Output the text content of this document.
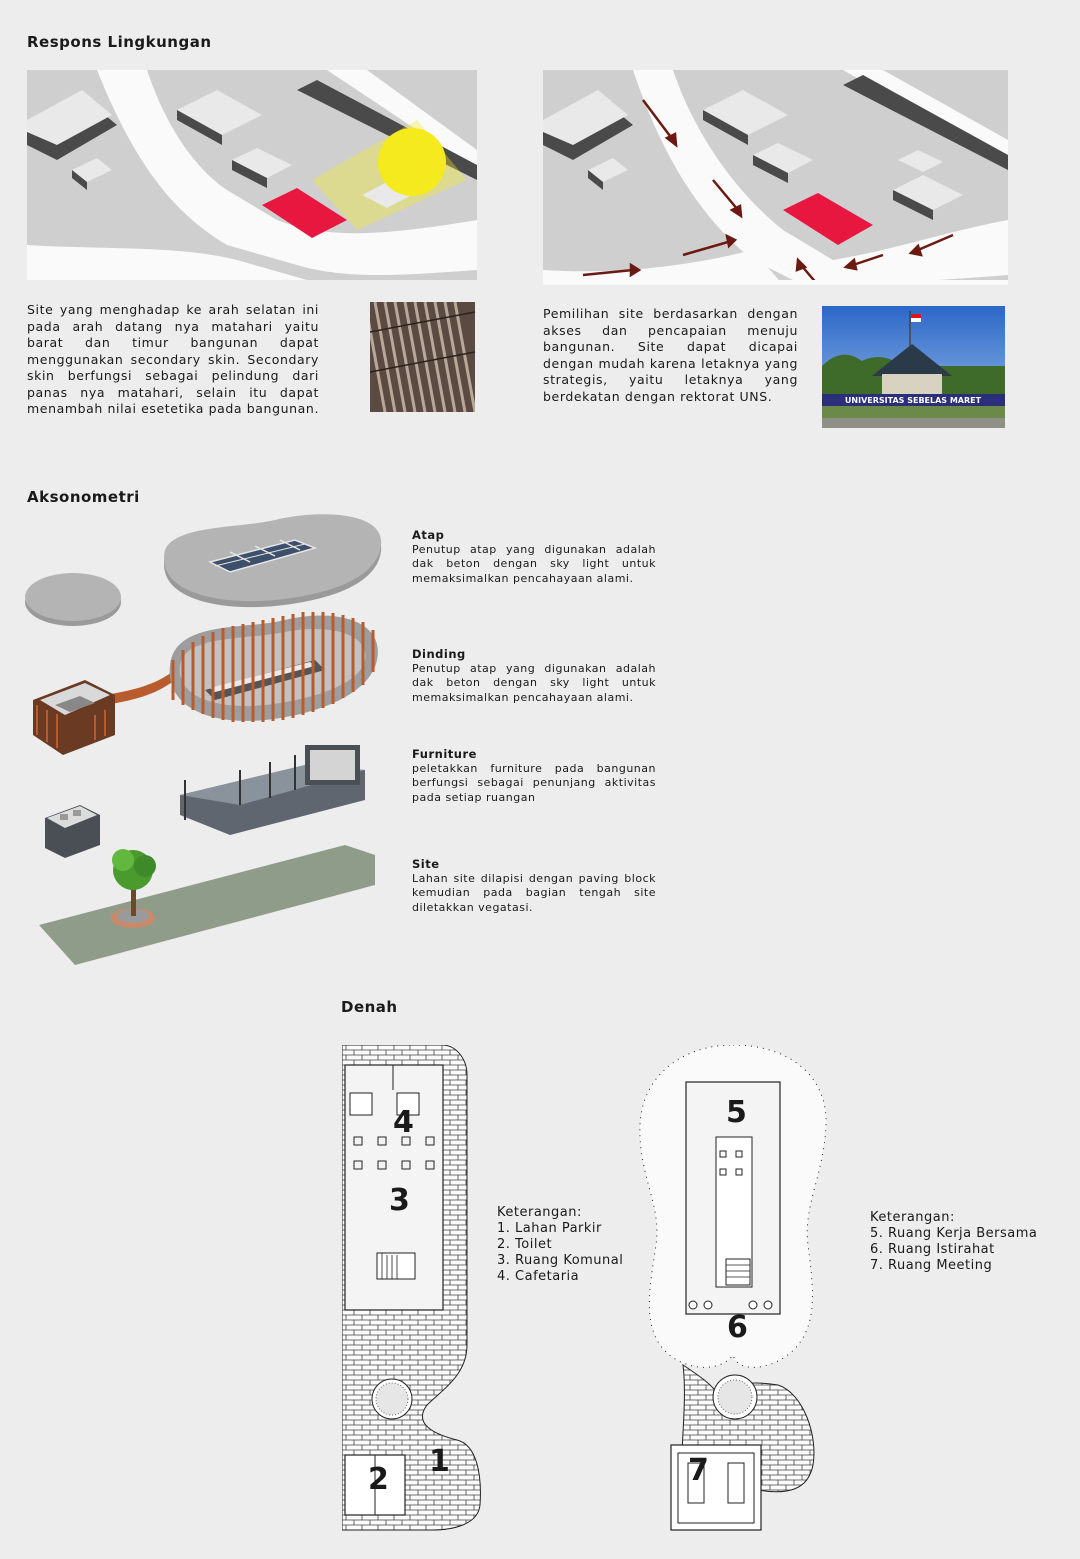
Respons Lingkungan

Site yang menghadap ke arah selatan ini pada arah datang nya matahari yaitu barat dan timur bangunan dapat menggunakan secondary skin. Secondary skin berfungsi sebagai pelindung dari panas nya matahari, selain itu dapat menambah nilai esetetika pada bangunan.

Pemilihan site berdasarkan dengan akses dan pencapaian menuju bangunan. Site dapat dicapai dengan mudah karena letaknya yang strategis, yaitu letaknya yang berdekatan dengan rektorat UNS.	UNIVERSITAS SEBELAS MARET
Aksonometri
Atap
Penutup atap yang digunakan adalah dak beton dengan sky light untuk memaksimalkan pencahayaan alami.
Dinding
Penutup atap yang digunakan adalah dak beton dengan sky light untuk memaksimalkan pencahayaan alami.
Furniture
peletakkan furniture pada bangunan berfungsi sebagai penunjang aktivitas pada setiap ruangan
Site
Lahan site dilapisi dengan paving block kemudian pada bagian tengah site diletakkan vegatasi.
Denah
4
3
2
1
Keterangan:
1. Lahan Parkir
2. Toilet
3. Ruang Komunal
4. Cafetaria
5
6
7
Keterangan:
5. Ruang Kerja Bersama
6. Ruang Istirahat
7. Ruang Meeting
